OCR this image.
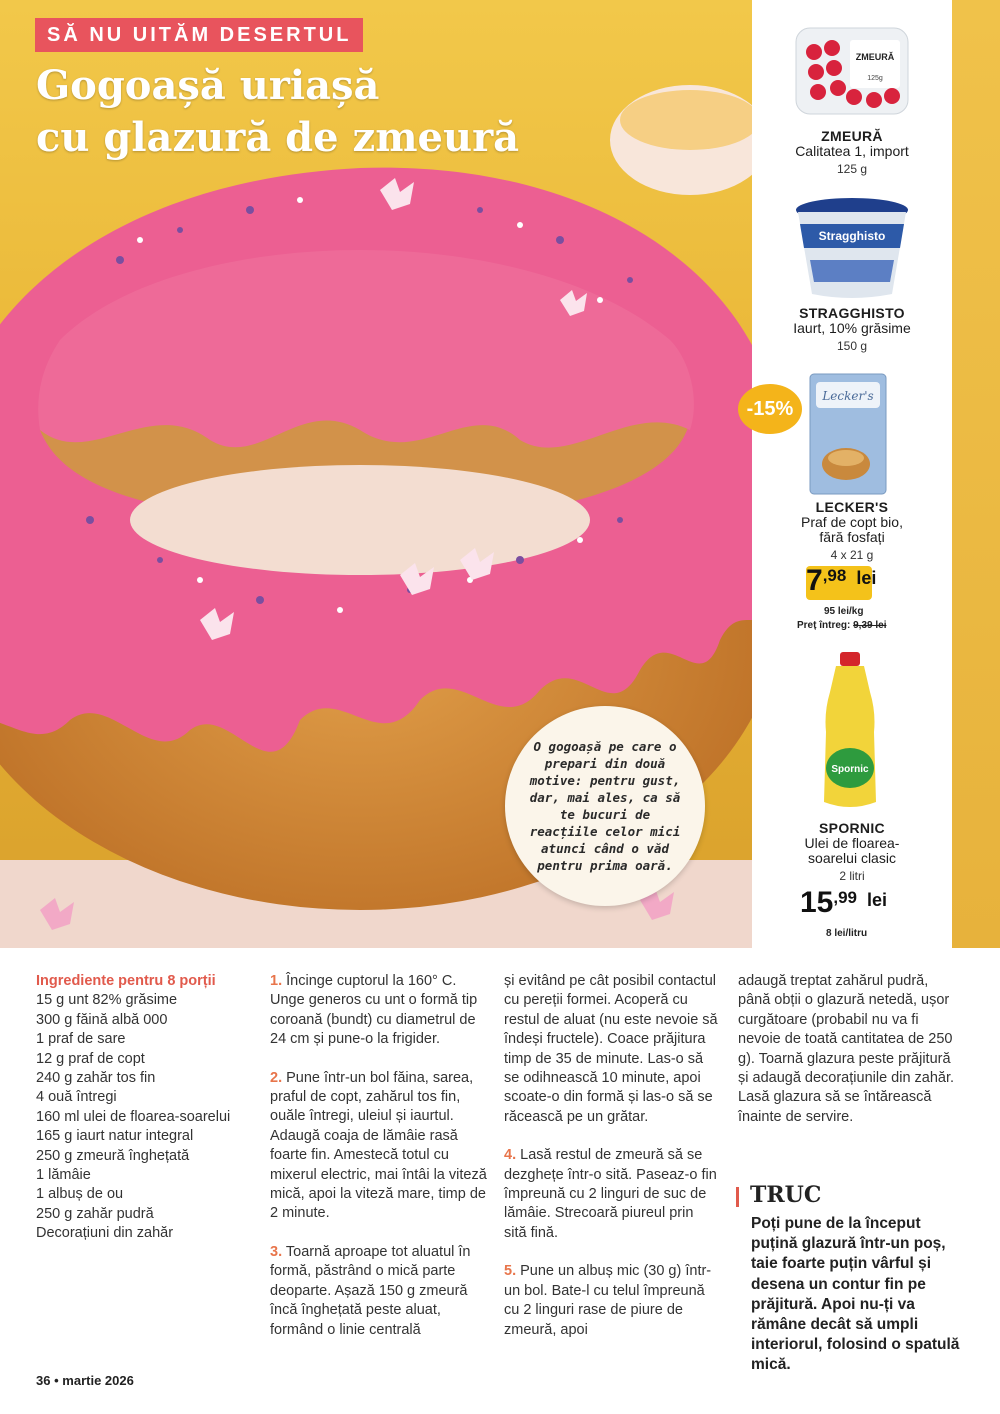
SĂ NU UITĂM DESERTUL
Gogoașă uriașă
cu glazură de zmeură

O gogoașă pe care o prepari din două motive: pentru gust, dar, mai ales, ca să te bucuri de reacțiile celor mici atunci când o văd pentru prima oară.

ZMEURĂ
125g
ZMEURĂ
Calitatea 1, import
125 g
Stragghisto
STRAGGHISTO
Iaurt, 10% grăsime
150 g
Lecker's
LECKER'S
Praf de copt bio, fără fosfați
4 x 21 g
7,98 lei
95 lei/kg
Preț întreg: 9,39 lei
Spornic
SPORNIC
Ulei de floarea-soarelui clasic
2 litri
15,99 lei
8 lei/litru
-15%
Ingrediente pentru 8 porții
15 g unt 82% grăsime
300 g făină albă 000
1 praf de sare
12 g praf de copt
240 g zahăr tos fin
4 ouă întregi
160 ml ulei de floarea-soarelui
165 g iaurt natur integral
250 g zmeură înghețată
1 lămâie
1 albuș de ou
250 g zahăr pudră
Decorațiuni din zahăr

1. Încinge cuptorul la 160° C. Unge generos cu unt o formă tip coroană (bundt) cu diametrul de 24 cm și pune-o la frigider.

2. Pune într-un bol făina, sarea, praful de copt, zahărul tos fin, ouăle întregi, uleiul și iaurtul. Adaugă coaja de lămâie rasă foarte fin. Amestecă totul cu mixerul electric, mai întâi la viteză mică, apoi la viteză mare, timp de 2 minute.

3. Toarnă aproape tot aluatul în formă, păstrând o mică parte deoparte. Așază 150 g zmeură încă înghețată peste aluat, formând o linie centrală

și evitând pe cât posibil contactul cu pereții formei. Acoperă cu restul de aluat (nu este nevoie să îndeși fructele). Coace prăjitura timp de 35 de minute. Las-o să se odihnească 10 minute, apoi scoate-o din formă și las-o să se răcească pe un grătar.

4. Lasă restul de zmeură să se dezghețe într-o sită. Paseaz-o fin împreună cu 2 linguri de suc de lămâie. Strecoară piureul prin sită fină.

5. Pune un albuș mic (30 g) într-un bol. Bate-l cu telul împreună cu 2 linguri rase de piure de zmeură, apoi

adaugă treptat zahărul pudră, până obții o glazură netedă, ușor curgătoare (probabil nu va fi nevoie de toată cantitatea de 250 g). Toarnă glazura peste prăjitură și adaugă decorațiunile din zahăr. Lasă glazura să se întărească înainte de servire.

TRUC
Poți pune de la început puțină glazură într-un poș, taie foarte puțin vârful și desena un contur fin pe prăjitură. Apoi nu-ți va rămâne decât să umpli interiorul, folosind o spatulă mică.
36 • martie 2026
